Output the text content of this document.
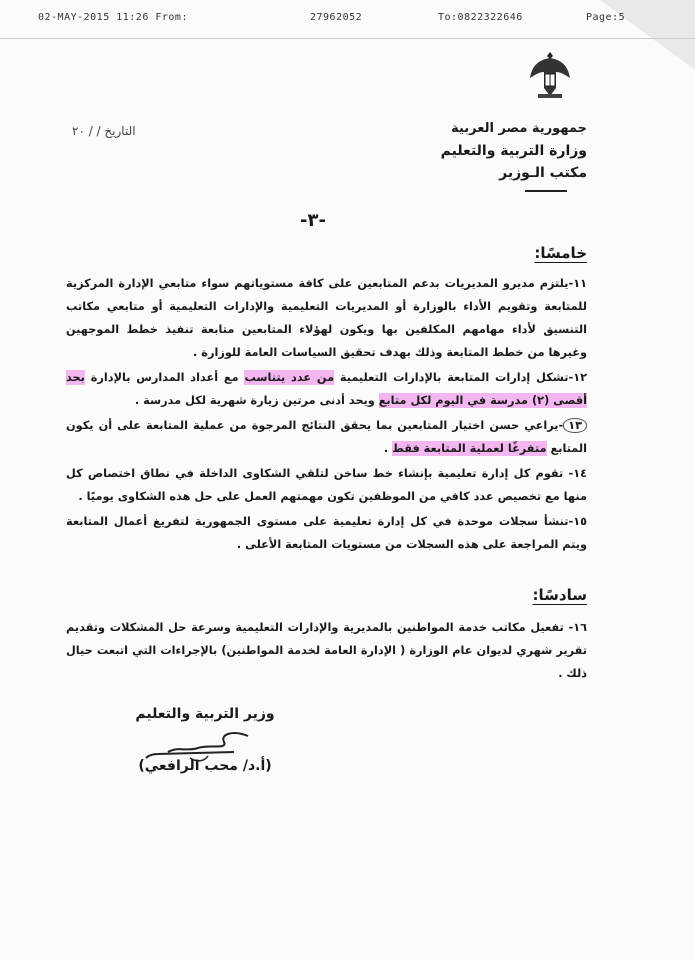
02-MAY-2015 11:26 From:	27962052	To:0822322646	Page:5
جمهورية مصر العربية
وزارة التربية والتعليم
مكتب الـوزير
التاريخ / / ٢٠
-٣-
خامسًا:

١١-يلتزم مديرو المديريات بدعم المتابعين على كافة مستوياتهم سواء متابعي الإدارة المركزية للمتابعة وتقويم الأداء بالوزارة أو المديريات التعليمية والإدارات التعليمية أو متابعي مكاتب التنسيق لأداء مهامهم المكلفين بها ويكون لهؤلاء المتابعين متابعة تنفيذ خطط الموجهين وغيرها من خطط المتابعة وذلك بهدف تحقيق السياسات العامة للوزارة .

١٢-تشكل إدارات المتابعة بالإدارات التعليمية من عدد يتناسب مع أعداد المدارس بالإدارة بحد أقصى (٢) مدرسة في اليوم لكل متابع ويحد أدنى مرتين زيارة شهرية لكل مدرسة .

١٣-يراعي حسن اختيار المتابعين بما يحقق النتائج المرجوة من عملية المتابعة على أن يكون المتابع متفرغًا لعملية المتابعة فقط .

١٤- تقوم كل إدارة تعليمية بإنشاء خط ساخن لتلقي الشكاوى الداخلة في نطاق اختصاص كل منها مع تخصيص عدد كافي من الموظفين تكون مهمتهم العمل على حل هذه الشكاوى يوميًا .

١٥-تنشأ سجلات موحدة في كل إدارة تعليمية على مستوى الجمهورية لتفريغ أعمال المتابعة ويتم المراجعة على هذه السجلات من مستويات المتابعة الأعلى .

سادسًا:

١٦- تفعيل مكاتب خدمة المواطنين بالمديرية والإدارات التعليمية وسرعة حل المشكلات وتقديم تقرير شهري لديوان عام الوزارة ( الإدارة العامة لخدمة المواطنين) بالإجراءات التي اتبعت حيال ذلك .

وزير التربية والتعليم
(أ.د/ محب الرافعي)
